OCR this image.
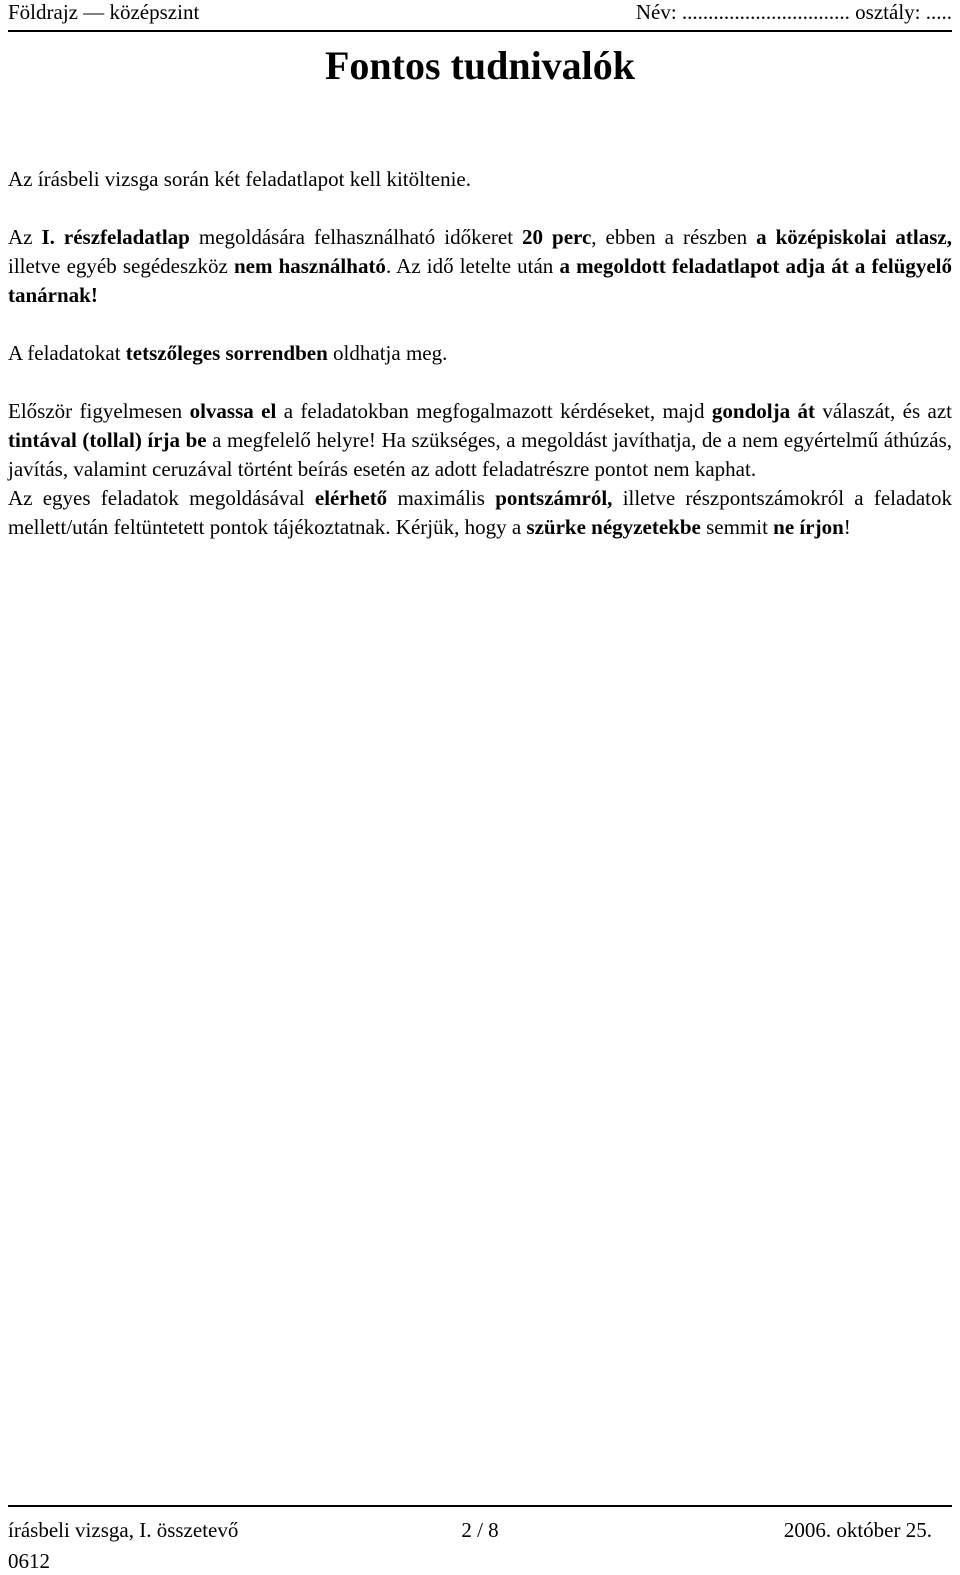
Földrajz — középszint	Név: ................................ osztály: .....
Fontos tudnivalók

Az írásbeli vizsga során két feladatlapot kell kitöltenie.

Az I. részfeladatlap megoldására felhasználható időkeret 20 perc, ebben a részben a középiskolai atlasz, illetve egyéb segédeszköz nem használható. Az idő letelte után a megoldott feladatlapot adja át a felügyelő tanárnak!

A feladatokat tetszőleges sorrendben oldhatja meg.

Először figyelmesen olvassa el a feladatokban megfogalmazott kérdéseket, majd gondolja át válaszát, és azt tintával (tollal) írja be a megfelelő helyre! Ha szükséges, a megoldást javíthatja, de a nem egyértelmű áthúzás, javítás, valamint ceruzával történt beírás esetén az adott feladatrészre pontot nem kaphat.

Az egyes feladatok megoldásával elérhető maximális pontszámról, illetve részpontszámokról a feladatok mellett/után feltüntetett pontok tájékoztatnak. Kérjük, hogy a szürke négyzetekbe semmit ne írjon!

írásbeli vizsga, I. összetevő	2 / 8	2006. október 25.
0612
